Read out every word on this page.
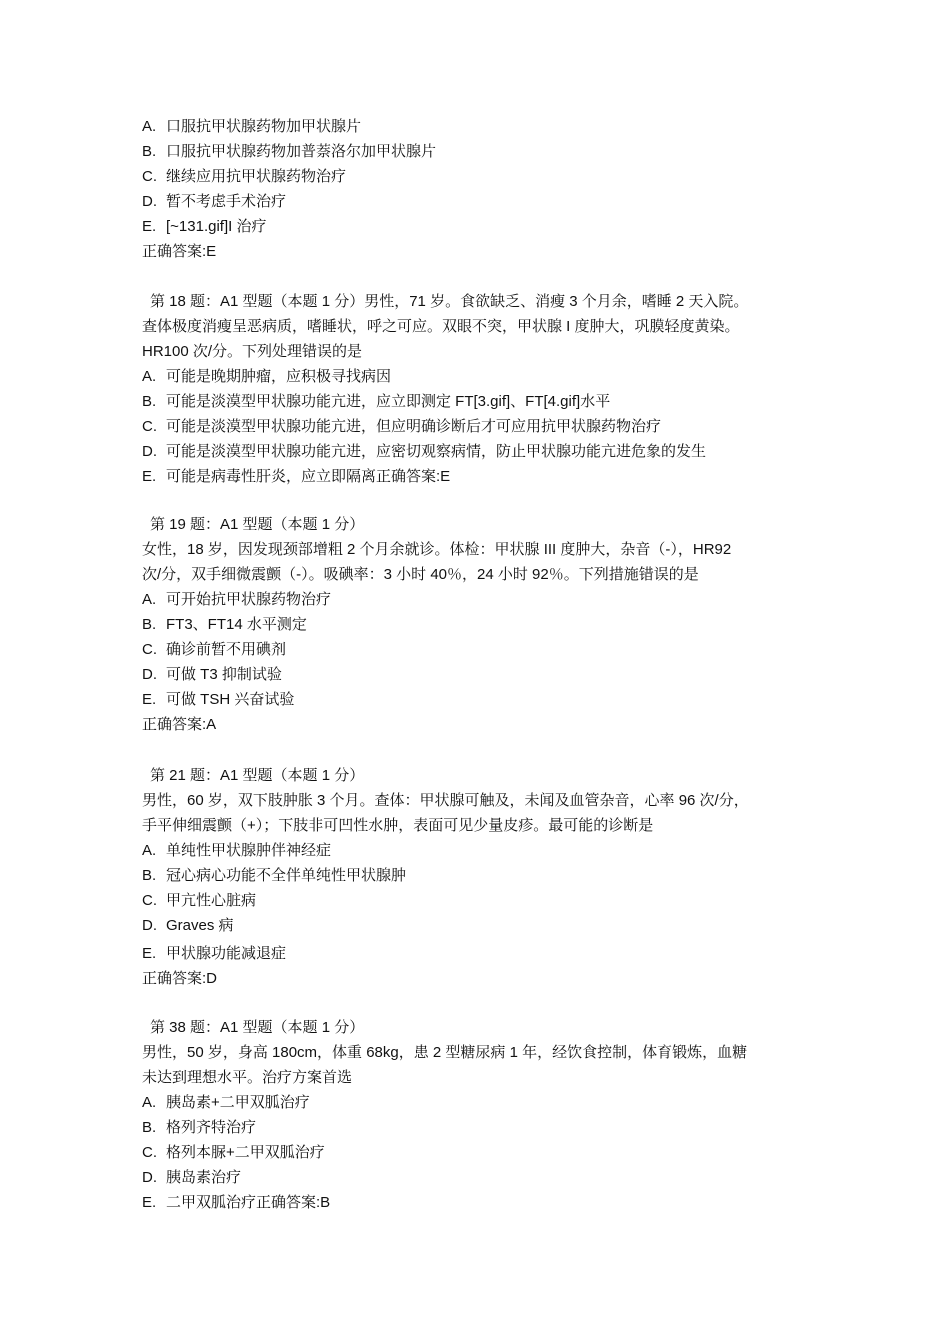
A. 口服抗甲状腺药物加甲状腺片
B. 口服抗甲状腺药物加普萘洛尔加甲状腺片
C. 继续应用抗甲状腺药物治疗
D. 暂不考虑手术治疗
E. [~131.gif]I 治疗
正确答案:E
第 18 题：A1 型题（本题 1 分）男性，71 岁。食欲缺乏、消瘦 3 个月余，嗜睡 2 天入院。
查体极度消瘦呈恶病质，嗜睡状，呼之可应。双眼不突，甲状腺 I 度肿大，巩膜轻度黄染。
HR100 次/分。下列处理错误的是
A. 可能是晚期肿瘤，应积极寻找病因
B. 可能是淡漠型甲状腺功能亢进，应立即测定 FT[3.gif]、FT[4.gif]水平
C. 可能是淡漠型甲状腺功能亢进，但应明确诊断后才可应用抗甲状腺药物治疗
D. 可能是淡漠型甲状腺功能亢进，应密切观察病情，防止甲状腺功能亢进危象的发生
E. 可能是病毒性肝炎，应立即隔离正确答案:E
第 19 题：A1 型题（本题 1 分）
女性，18 岁，因发现颈部增粗 2 个月余就诊。体检：甲状腺 III 度肿大，杂音（-），HR92
次/分，双手细微震颤（-）。吸碘率：3 小时 40％，24 小时 92％。下列措施错误的是
A. 可开始抗甲状腺药物治疗
B. FT3、FT14 水平测定
C. 确诊前暂不用碘剂
D. 可做 T3 抑制试验
E. 可做 TSH 兴奋试验
正确答案:A
第 21 题：A1 型题（本题 1 分）
男性，60 岁，双下肢肿胀 3 个月。查体：甲状腺可触及，未闻及血管杂音，心率 96 次/分，
手平伸细震颤（+）；下肢非可凹性水肿，表面可见少量皮疹。最可能的诊断是
A. 单纯性甲状腺肿伴神经症
B. 冠心病心功能不全伴单纯性甲状腺肿
C. 甲亢性心脏病
D. Graves 病
E. 甲状腺功能减退症
正确答案:D
第 38 题：A1 型题（本题 1 分）
男性，50 岁，身高 180cm，体重 68kg，患 2 型糖尿病 1 年，经饮食控制，体育锻炼，血糖
未达到理想水平。治疗方案首选
A. 胰岛素+二甲双胍治疗
B. 格列齐特治疗
C. 格列本脲+二甲双胍治疗
D. 胰岛素治疗
E. 二甲双胍治疗正确答案:B
